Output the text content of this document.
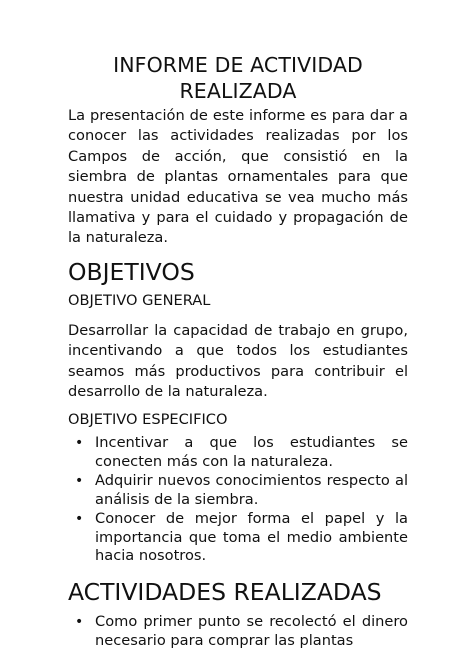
INFORME DE ACTIVIDAD
REALIZADA

La presentación de este informe es para dar a conocer las actividades realizadas por los Campos de acción, que consistió en la siembra de plantas ornamentales para que nuestra unidad educativa se vea mucho más llamativa y para el cuidado y propagación de la naturaleza.

OBJETIVOS
OBJETIVO GENERAL

Desarrollar la capacidad de trabajo en grupo, incentivando a que todos los estudiantes seamos más productivos para contribuir el desarrollo de la naturaleza.

OBJETIVO ESPECIFICO
• Incentivar a que los estudiantes se conecten más con la naturaleza.
• Adquirir nuevos conocimientos respecto al análisis de la siembra.
• Conocer de mejor forma el papel y la importancia que toma el medio ambiente hacia nosotros.
ACTIVIDADES REALIZADAS
• Como primer punto se recolectó el dinero necesario para comprar las plantas
